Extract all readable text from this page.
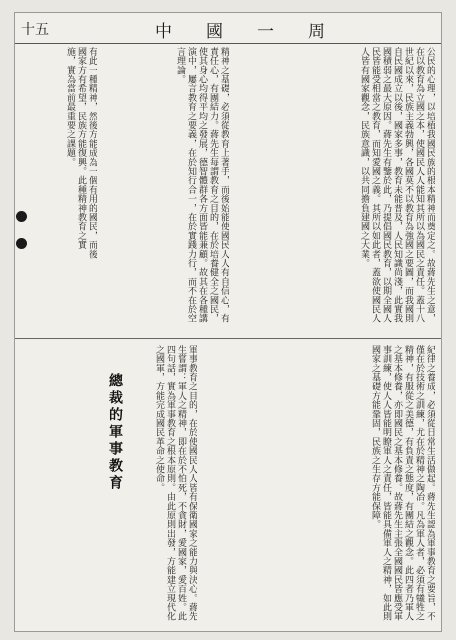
十五	中國一周
公民的心理，以培植我國民族的根本精神而奠定之。故蔣先生之意，在以教育為立國之本，使國民人人能知其所以為國民之責任。蓋十八世紀以來，民族主義勃興，各國莫不以教育為強國之要圖，而我國則自民國成立以後，國家多事，教育未能普及，人民知識尚淺，此實我國積弱之最大原因。蔣先生有鑒於此，乃提倡國民教育，以期全國人民皆能受相當之教育，而知愛國之義。其所以如此者，蓋欲使國民人人皆有國家觀念，民族意識，以共同擔負建國之大業。
精神之基礎，必須從教育上著手，而後始能使國民人人有自信心，有責任心，有團結力。蔣先生每謂教育之目的，在於培養健全之國民，使其身心均得平均之發展，德智體群各方面皆能兼顧。故其在各種講演中，屢言教育之要義，在於知行合一，在於實踐力行，而不在於空言理論。
有此一種精神，然後方能成為一個有用的國民，而後國家方有希望，民族方能復興。此種精神教育之實施，實為當前最重要之課題。
紀律之養成，必須從日常生活做起。蔣先生認為軍事教育之要旨，不僅在於技術之訓練，尤在於精神之陶冶。凡為軍人者，必須有犧牲之精神，有服從之美德，有負責之態度，有團結之觀念。此四者乃軍人之基本修養，亦即國民之基本修養。故蔣先生主張全國國民皆應受軍事訓練，使人人皆能明瞭軍人之責任，皆能具備軍人之精神，如此則國家之基礎方能鞏固，民族之生存方能保障。
總裁的軍事教育	軍事教育之目的，在於使國民人人皆有保衛國家之能力與決心。蔣先生嘗謂：軍人之精神，即在於不怕死，不貪財，愛國家，愛百姓。此四句話，實為軍事教育之根本原則。由此原則出發，方能建立現代化之國軍，方能完成國民革命之使命。
